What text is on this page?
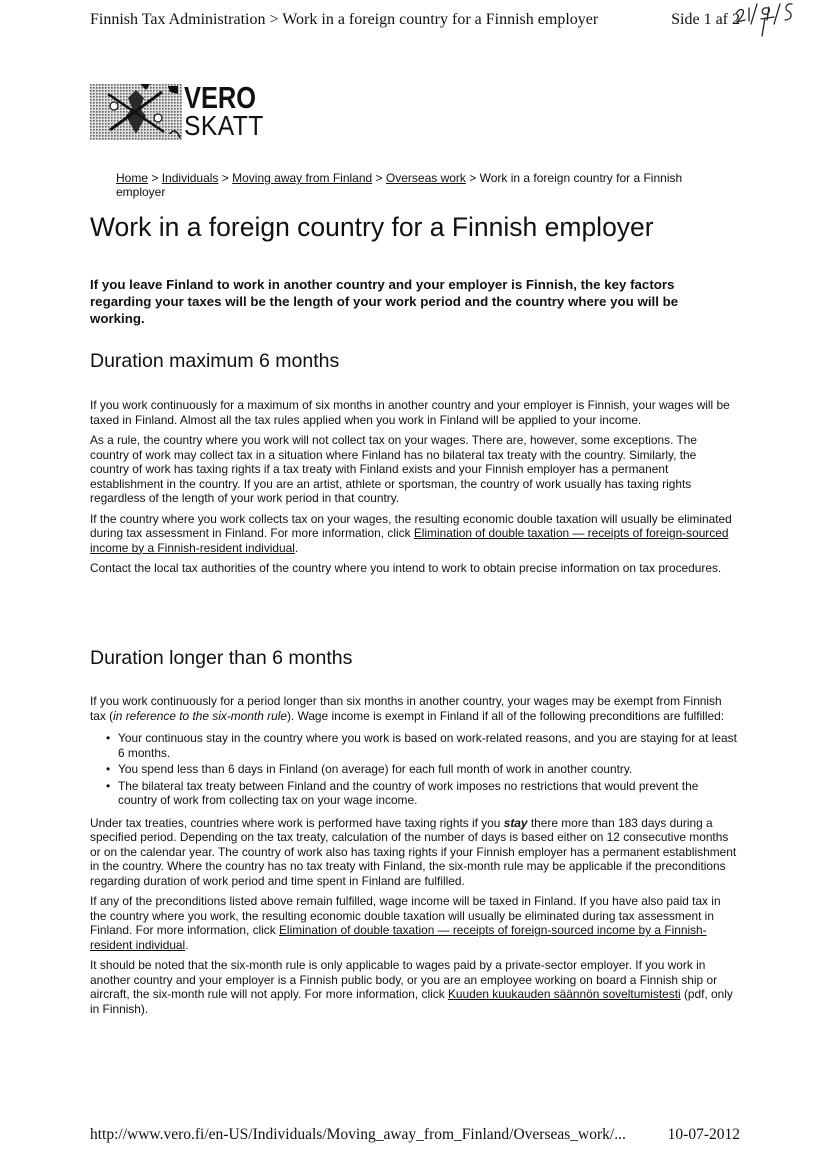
Finnish Tax Administration > Work in a foreign country for a Finnish employer	Side 1 af 2
VERO
SKATT
Home > Individuals > Moving away from Finland > Overseas work > Work in a foreign country for a Finnish employer
Work in a foreign country for a Finnish employer

If you leave Finland to work in another country and your employer is Finnish, the key factors regarding your taxes will be the length of your work period and the country where you will be working.

Duration maximum 6 months

If you work continuously for a maximum of six months in another country and your employer is Finnish, your wages will be taxed in Finland. Almost all the tax rules applied when you work in Finland will be applied to your income.

As a rule, the country where you work will not collect tax on your wages. There are, however, some exceptions. The country of work may collect tax in a situation where Finland has no bilateral tax treaty with the country. Similarly, the country of work has taxing rights if a tax treaty with Finland exists and your Finnish employer has a permanent establishment in the country. If you are an artist, athlete or sportsman, the country of work usually has taxing rights regardless of the length of your work period in that country.

If the country where you work collects tax on your wages, the resulting economic double taxation will usually be eliminated during tax assessment in Finland. For more information, click Elimination of double taxation — receipts of foreign-sourced income by a Finnish-resident individual.

Contact the local tax authorities of the country where you intend to work to obtain precise information on tax procedures.

Duration longer than 6 months

If you work continuously for a period longer than six months in another country, your wages may be exempt from Finnish tax (in reference to the six-month rule). Wage income is exempt in Finland if all of the following preconditions are fulfilled:

• Your continuous stay in the country where you work is based on work-related reasons, and you are staying for at least 6 months.
• You spend less than 6 days in Finland (on average) for each full month of work in another country.
• The bilateral tax treaty between Finland and the country of work imposes no restrictions that would prevent the country of work from collecting tax on your wage income.

Under tax treaties, countries where work is performed have taxing rights if you stay there more than 183 days during a specified period. Depending on the tax treaty, calculation of the number of days is based either on 12 consecutive months or on the calendar year. The country of work also has taxing rights if your Finnish employer has a permanent establishment in the country. Where the country has no tax treaty with Finland, the six-month rule may be applicable if the preconditions regarding duration of work period and time spent in Finland are fulfilled.

If any of the preconditions listed above remain fulfilled, wage income will be taxed in Finland. If you have also paid tax in the country where you work, the resulting economic double taxation will usually be eliminated during tax assessment in Finland. For more information, click Elimination of double taxation — receipts of foreign-sourced income by a Finnish-resident individual.

It should be noted that the six-month rule is only applicable to wages paid by a private-sector employer. If you work in another country and your employer is a Finnish public body, or you are an employee working on board a Finnish ship or aircraft, the six-month rule will not apply. For more information, click Kuuden kuukauden säännön soveltumistesti (pdf, only in Finnish).

http://www.vero.fi/en-US/Individuals/Moving_away_from_Finland/Overseas_work/...	10-07-2012
